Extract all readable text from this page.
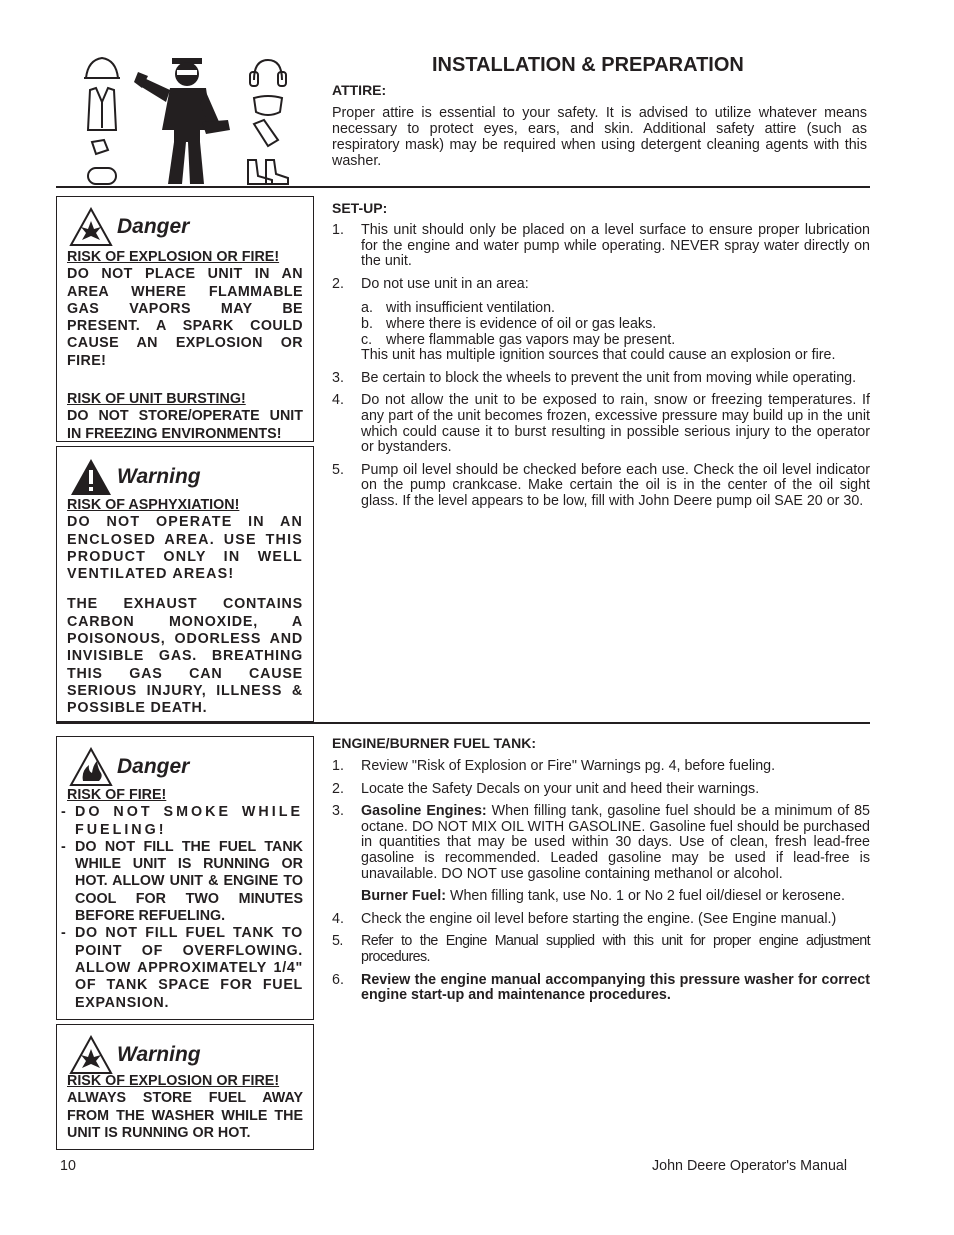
INSTALLATION & PREPARATION
ATTIRE:
Proper attire is essential to your safety. It is advised to utilize whatever means necessary to protect eyes, ears, and skin. Additional safety attire (such as respiratory mask) may be required when using detergent cleaning agents with this washer.
SET-UP:
1. This unit should only be placed on a level surface to ensure proper lubrication for the engine and water pump while operating. NEVER spray water directly on the unit.
2. Do not use unit in an area:
a. with insufficient ventilation.
b. where there is evidence of oil or gas leaks.
c. where flammable gas vapors may be present.
This unit has multiple ignition sources that could cause an explosion or fire.
3. Be certain to block the wheels to prevent the unit from moving while operating.
4. Do not allow the unit to be exposed to rain, snow or freezing temperatures. If any part of the unit becomes frozen, excessive pressure may build up in the unit which could cause it to burst resulting in possible serious injury to the operator or bystanders.
5. Pump oil level should be checked before each use. Check the oil level indicator on the pump crankcase. Make certain the oil is in the center of the oil sight glass. If the level appears to be low, fill with John Deere pump oil SAE 20 or 30.
ENGINE/BURNER FUEL TANK:
1. Review "Risk of Explosion or Fire" Warnings pg. 4, before fueling.
2. Locate the Safety Decals on your unit and heed their warnings.
3. Gasoline Engines: When filling tank, gasoline fuel should be a minimum of 85 octane. DO NOT MIX OIL WITH GASOLINE. Gasoline fuel should be purchased in quantities that may be used within 30 days. Use of clean, fresh lead-free gasoline is recommended. Leaded gasoline may be used if lead-free is unavailable. DO NOT use gasoline containing methanol or alcohol.
Burner Fuel: When filling tank, use No. 1 or No 2 fuel oil/diesel or kerosene.
4. Check the engine oil level before starting the engine. (See Engine manual.)
5. Refer to the Engine Manual supplied with this unit for proper engine adjustment procedures.
6. Review the engine manual accompanying this pressure washer for correct engine start-up and maintenance procedures.
Danger
RISK OF EXPLOSION OR FIRE!

DO NOT PLACE UNIT IN AN AREA WHERE FLAMMABLE GAS VAPORS MAY BE PRESENT. A SPARK COULD CAUSE AN EXPLOSION OR FIRE!

RISK OF UNIT BURSTING!

DO NOT STORE/OPERATE UNIT IN FREEZING ENVIRONMENTS!

Warning
RISK OF ASPHYXIATION!

DO NOT OPERATE IN AN ENCLOSED AREA. USE THIS PRODUCT ONLY IN WELL VENTILATED AREAS!

THE EXHAUST CONTAINS CARBON MONOXIDE, A POISONOUS, ODORLESS AND INVISIBLE GAS. BREATHING THIS GAS CAN CAUSE SERIOUS INJURY, ILLNESS & POSSIBLE DEATH.

Danger
RISK OF FIRE!
- DO NOT SMOKE WHILE FUELING!
- DO NOT FILL THE FUEL TANK WHILE UNIT IS RUNNING OR HOT. ALLOW UNIT & ENGINE TO COOL FOR TWO MINUTES BEFORE REFUELING.
- DO NOT FILL FUEL TANK TO POINT OF OVERFLOWING. ALLOW APPROXIMATELY 1/4" OF TANK SPACE FOR FUEL EXPANSION.
Warning
RISK OF EXPLOSION OR FIRE!

ALWAYS STORE FUEL AWAY FROM THE WASHER WHILE THE UNIT IS RUNNING OR HOT.

10	John Deere Operator's Manual
